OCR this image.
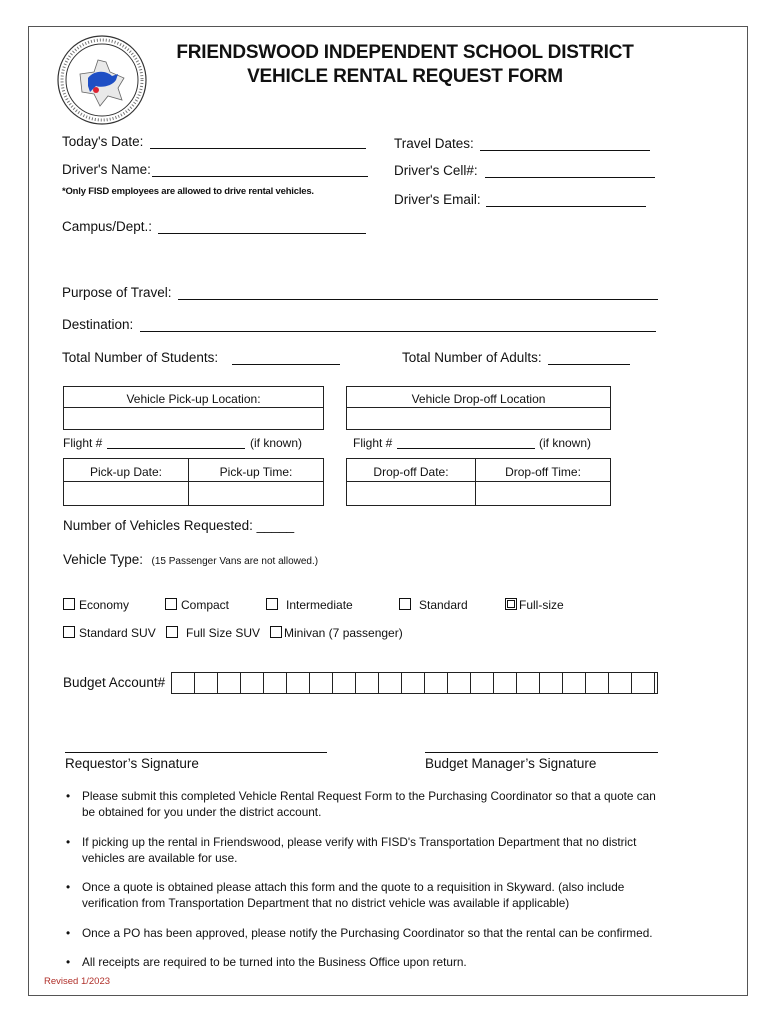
FRIENDSWOOD INDEPENDENT SCHOOL DISTRICT
VEHICLE RENTAL REQUEST FORM
Today's Date:	Travel Dates:
Driver's Name:	Driver's Cell#:
*Only FISD employees are allowed to drive rental vehicles.
Driver's Email:
Campus/Dept.:
Purpose of Travel:
Destination:
Total Number of Students:	Total Number of Adults:
Vehicle Pick-up Location:	Vehicle Drop-off Location
Flight #	(if known)	Flight #	(if known)
Pick-up Date:	Pick-up Time:	Drop-off Date:	Drop-off Time:
Number of Vehicles Requested: _____
Vehicle Type: (15 Passenger Vans are not allowed.)
Economy	Compact	Intermediate	Standard	Full-size
Standard SUV	Full Size SUV	Minivan (7 passenger)
Budget Account#
Requestor’s Signature	Budget Manager’s Signature
• Please submit this completed Vehicle Rental Request Form to the Purchasing Coordinator so that a quote can be obtained for you under the district account.
• If picking up the rental in Friendswood, please verify with FISD's Transportation Department that no district vehicles are available for use.
• Once a quote is obtained please attach this form and the quote to a requisition in Skyward. (also include verification from Transportation Department that no district vehicle was available if applicable)
• Once a PO has been approved, please notify the Purchasing Coordinator so that the rental can be confirmed.
• All receipts are required to be turned into the Business Office upon return.
Revised 1/2023
